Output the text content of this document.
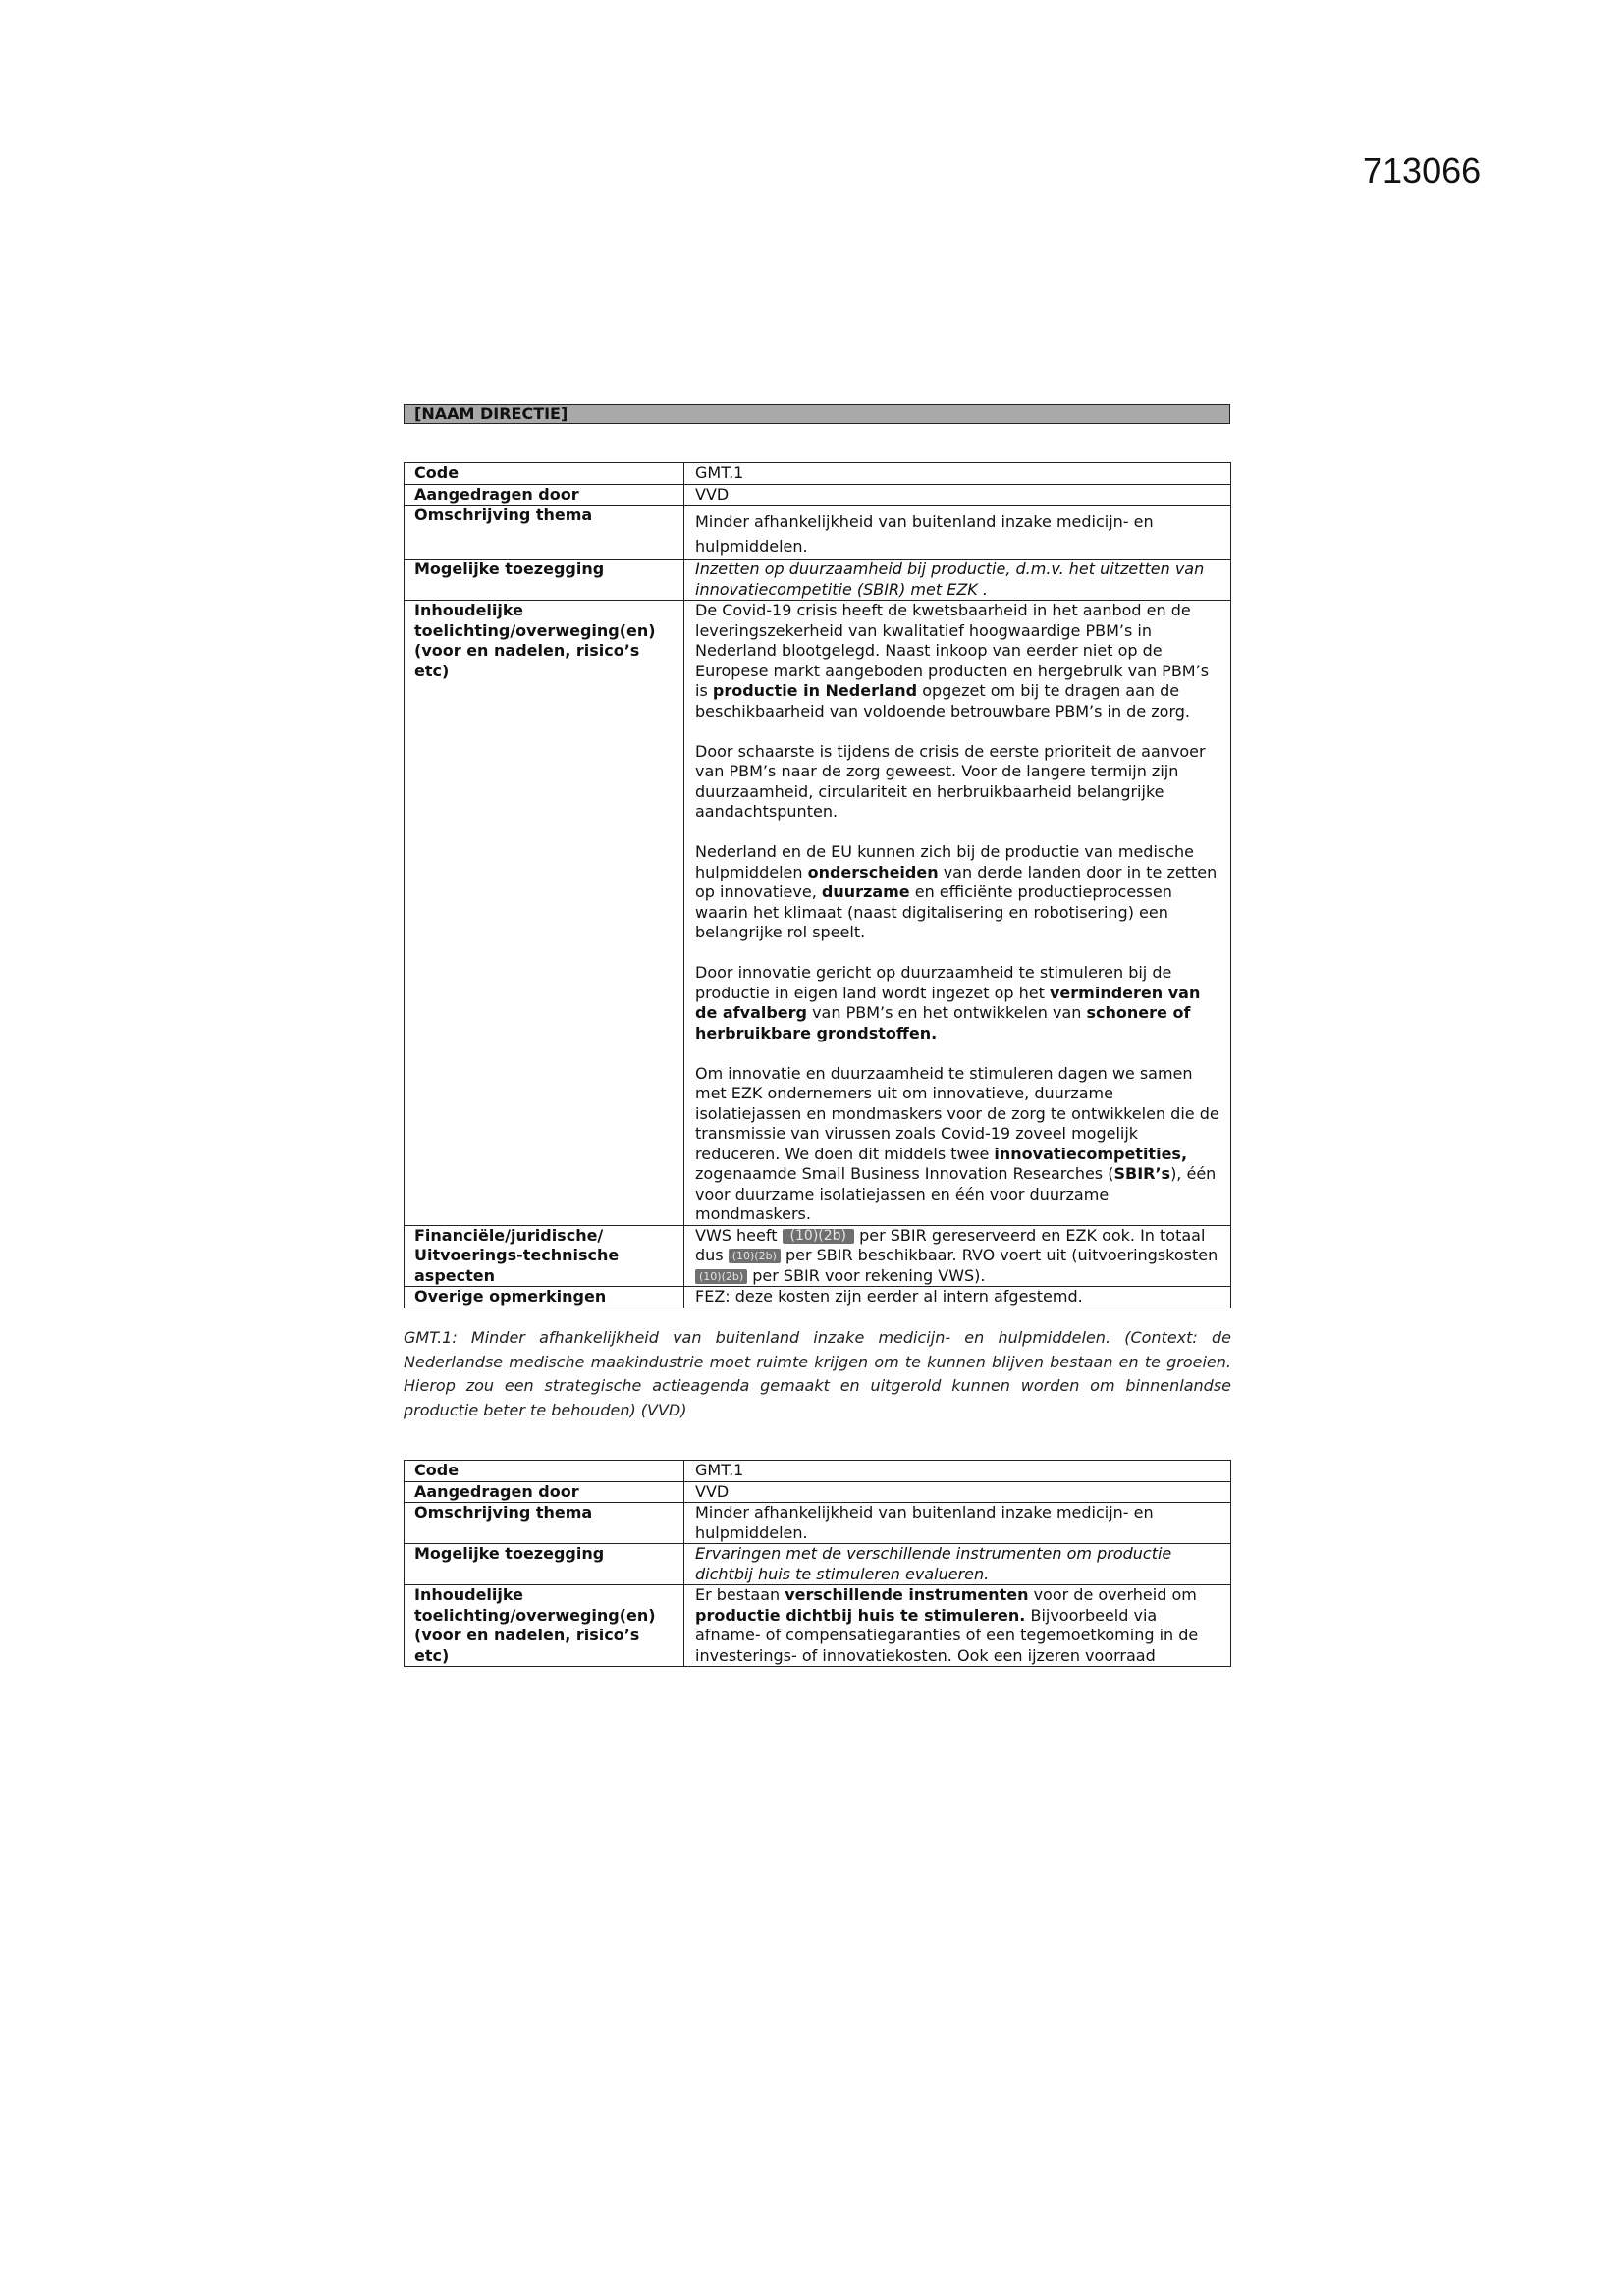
713066
[NAAM DIRECTIE]
Code	GMT.1
Aangedragen door	VVD
Omschrijving thema	Minder afhankelijkheid van buitenland inzake medicijn- en hulpmiddelen.
Mogelijke toezegging	Inzetten op duurzaamheid bij productie, d.m.v. het uitzetten van innovatiecompetitie (SBIR) met EZK .
Inhoudelijke toelichting/overweging(en) (voor en nadelen, risico’s etc)	De Covid-19 crisis heeft de kwetsbaarheid in het aanbod en de leveringszekerheid van kwalitatief hoogwaardige PBM’s in Nederland blootgelegd. Naast inkoop van eerder niet op de Europese markt aangeboden producten en hergebruik van PBM’s is productie in Nederland opgezet om bij te dragen aan de beschikbaarheid van voldoende betrouwbare PBM’s in de zorg.

Door schaarste is tijdens de crisis de eerste prioriteit de aanvoer van PBM’s naar de zorg geweest. Voor de langere termijn zijn duurzaamheid, circulariteit en herbruikbaarheid belangrijke aandachtspunten.

Nederland en de EU kunnen zich bij de productie van medische hulpmiddelen onderscheiden van derde landen door in te zetten op innovatieve, duurzame en efficiënte productieprocessen waarin het klimaat (naast digitalisering en robotisering) een belangrijke rol speelt.

Door innovatie gericht op duurzaamheid te stimuleren bij de productie in eigen land wordt ingezet op het verminderen van de afvalberg van PBM’s en het ontwikkelen van schonere of herbruikbare grondstoffen.

Om innovatie en duurzaamheid te stimuleren dagen we samen met EZK ondernemers uit om innovatieve, duurzame isolatiejassen en mondmaskers voor de zorg te ontwikkelen die de transmissie van virussen zoals Covid-19 zoveel mogelijk reduceren. We doen dit middels twee innovatiecompetities, zogenaamde Small Business Innovation Researches (SBIR’s), één voor duurzame isolatiejassen en één voor duurzame mondmaskers.

Financiële/juridische/ Uitvoerings-technische aspecten	VWS heeft (10)(2b) per SBIR gereserveerd en EZK ook. In totaal dus (10)(2b) per SBIR beschikbaar. RVO voert uit (uitvoeringskosten (10)(2b) per SBIR voor rekening VWS).
Overige opmerkingen	FEZ: deze kosten zijn eerder al intern afgestemd.

GMT.1: Minder afhankelijkheid van buitenland inzake medicijn- en hulpmiddelen. (Context: de Nederlandse medische maakindustrie moet ruimte krijgen om te kunnen blijven bestaan en te groeien. Hierop zou een strategische actieagenda gemaakt en uitgerold kunnen worden om binnenlandse productie beter te behouden) (VVD)

Code	GMT.1
Aangedragen door	VVD
Omschrijving thema	Minder afhankelijkheid van buitenland inzake medicijn- en hulpmiddelen.
Mogelijke toezegging	Ervaringen met de verschillende instrumenten om productie dichtbij huis te stimuleren evalueren.
Inhoudelijke toelichting/overweging(en) (voor en nadelen, risico’s etc)	Er bestaan verschillende instrumenten voor de overheid om productie dichtbij huis te stimuleren. Bijvoorbeeld via afname- of compensatiegaranties of een tegemoetkoming in de investerings- of innovatiekosten. Ook een ijzeren voorraad
